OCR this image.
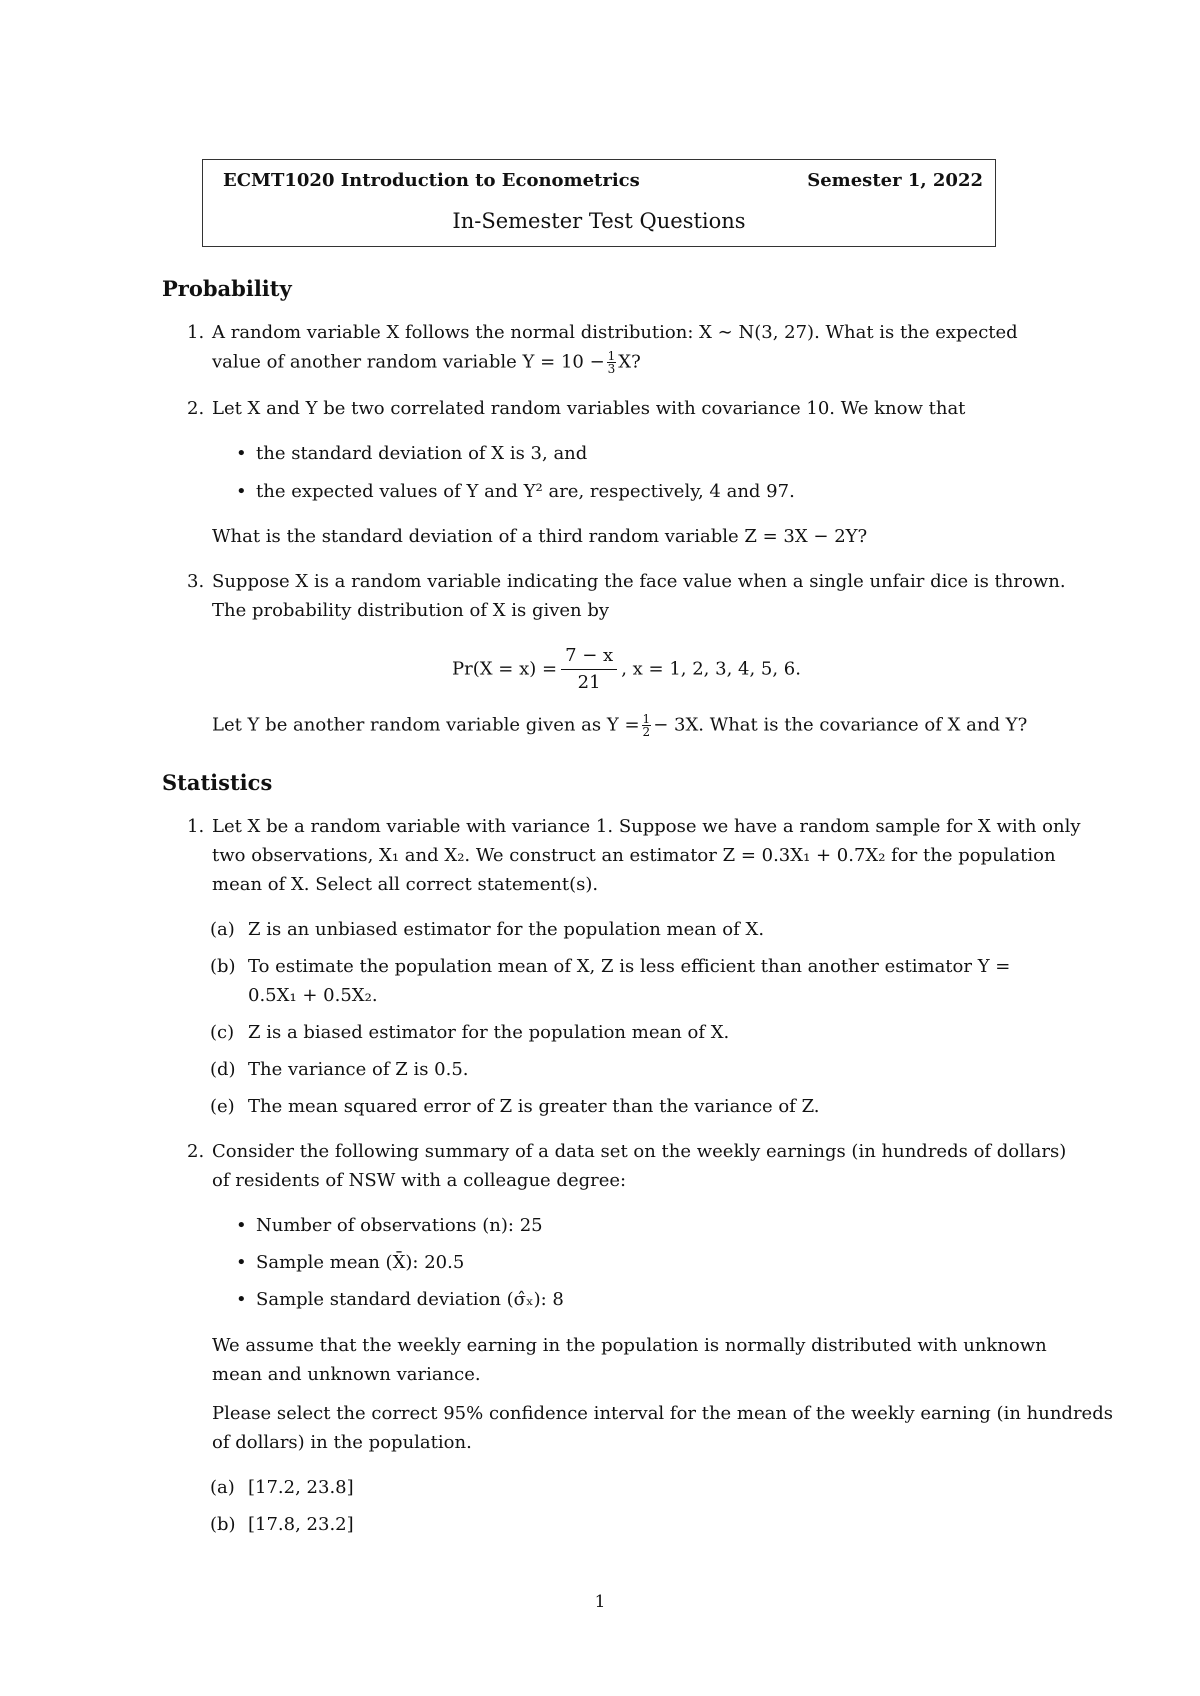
ECMT1020 Introduction to Econometrics	Semester 1, 2022
In-Semester Test Questions
Probability
1. A random variable X follows the normal distribution: X ∼ N(3, 27). What is the expected
value of another random variable $Y = 10 - \frac{1}{3} X$?
2. Let X and Y be two correlated random variables with covariance 10. We know that
• the standard deviation of X is 3, and
• the expected values of Y and Y² are, respectively, 4 and 97.
What is the standard deviation of a third random variable Z = 3X − 2Y?
3. Suppose X is a random variable indicating the face value when a single unfair dice is thrown.
The probability distribution of X is given by
$Pr(X = x) = \frac{7 - x}{21}$ , x = 1, 2, 3, 4, 5, 6.
Let Y be another random variable given as $Y = \frac{1}{2} - 3X$. What is the covariance of X and Y?
Statistics
1. Let X be a random variable with variance 1. Suppose we have a random sample for X with only
two observations, X₁ and X₂. We construct an estimator Z = 0.3X₁ + 0.7X₂ for the population
mean of X. Select all correct statement(s).
(a) Z is an unbiased estimator for the population mean of X.
(b) To estimate the population mean of X, Z is less efficient than another estimator Y =
0.5X₁ + 0.5X₂.
(c) Z is a biased estimator for the population mean of X.
(d) The variance of Z is 0.5.
(e) The mean squared error of Z is greater than the variance of Z.
2. Consider the following summary of a data set on the weekly earnings (in hundreds of dollars)
of residents of NSW with a colleague degree:
• Number of observations (n): 25
• Sample mean (X̄): 20.5
• Sample standard deviation (σ̂ₓ): 8
We assume that the weekly earning in the population is normally distributed with unknown
mean and unknown variance.
Please select the correct 95% confidence interval for the mean of the weekly earning (in hundreds
of dollars) in the population.
(a) [17.2, 23.8]
(b) [17.8, 23.2]
1
